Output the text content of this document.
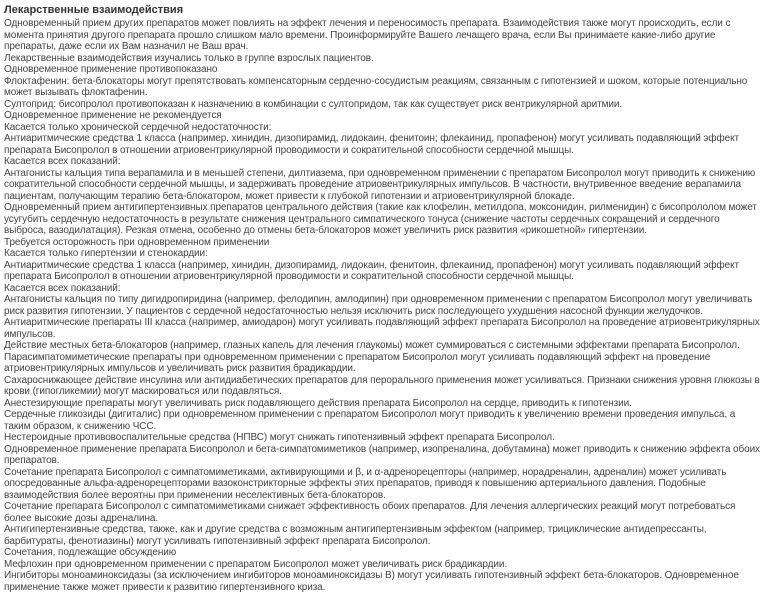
Лекарственные взаимодействия

Одновременный прием других препаратов может повлиять на эффект лечения и переносимость препарата. Взаимодействия также могут происходить, если с момента принятия другого препарата прошло слишком мало времени. Проинформируйте Вашего лечащего врача, если Вы принимаете какие-либо другие препараты, даже если их Вам назначил не Ваш врач.

Лекарственные взаимодействия изучались только в группе взрослых пациентов.

Одновременное применение противопоказано

Флоктафенин: бета-блокаторы могут препятствовать компенсаторным сердечно-сосудистым реакциям, связанным с гипотензией и шоком, которые потенциально может вызывать флоктафенин.

Султоприд: бисопролол противопоказан к назначению в комбинации с султопридом, так как существует риск вентрикулярной аритмии.

Одновременное применение не рекомендуется

Касается только хронической сердечной недостаточности:

Антиаритмические средства 1 класса (например, хинидин, дизопирамид, лидокаин, фенитоин; флекаинид, пропафенон) могут усиливать подавляющий эффект препарата Бисопролол в отношении атриовентрикулярной проводимости и сократительной способности сердечной мышцы.

Касается всех показаний:

Антагонисты кальция типа верапамила и в меньшей степени, дилтиазема, при одновременном применении с препаратом Бисопролол могут приводить к снижению сократительной способности сердечной мышцы, и задерживать проведение атриовентрикулярных импульсов. В частности, внутривенное введение верапамила пациентам, получающим терапию бета-блокатором, может привести к глубокой гипотензии и атриовентрикулярной блокаде.

Одновременный прием антигипертензивных препаратов центрального действия (такие как клофелин, метилдопа, моксонидин, рилменидин) с бисопрололом может усугубить сердечную недостаточность в результате снижения центрального симпатического тонуса (снижение частоты сердечных сокращений и сердечного выброса, вазодилатация). Резкая отмена, особенно до отмены бета-блокаторов может увеличить риск развития «рикошетной» гипертензии.

Требуется осторожность при одновременном применении

Касается только гипертензии и стенокардии:

Антиаритмические средства 1 класса (например, хинидин, дизопирамид, лидокаин, фенитоин, флекаинид, пропафенон) могут усиливать подавляющий эффект препарата Бисопролол в отношении атриовентрикулярной проводимости и сократительной способности сердечной мышцы.

Касается всех показаний:

Антагонисты кальция по типу дигидропиридина (например, фелодипин, амлодипин) при одновременном применении с препаратом Бисопролол могут увеличивать риск развития гипотензии. У пациентов с сердечной недостаточностью нельзя исключить риск последующего ухудшения насосной функции желудочков.

Антиаритмические препараты III класса (например, амиодарон) могут усиливать подавляющий эффект препарата Бисопролол на проведение атриовентрикулярных импульсов.

Действие местных бета-блокаторов (например, глазных капель для лечения глаукомы) может суммироваться с системными эффектами препарата Бисопролол.

Парасимпатомиметические препараты при одновременном применении с препаратом Бисопролол могут усиливать подавляющий эффект на проведение атриовентрикулярных импульсов и увеличивать риск развития брадикардии.

Сахароснижающее действие инсулина или антидиабетических препаратов для перорального применения может усиливаться. Признаки снижения уровня глюкозы в крови (гипогликемии) могут маскироваться или подавляться.

Анестезирующие препараты могут увеличивать риск подавляющего действия препарата Бисопролол на сердце, приводить к гипотензии.

Сердечные гликозиды (дигиталис) при одновременном применении с препаратом Бисопролол могут приводить к увеличению времени проведения импульса, а таким образом, к снижению ЧСС.

Нестероидные противовоспалительные средства (НПВС) могут снижать гипотензивный эффект препарата Бисопролол.

Одновременное применение препарата Бисопролол и бета-симпатомиметиков (например, изопреналина, добутамина) может приводить к снижению эффекта обоих препаратов.

Сочетание препарата Бисопролол с симпатомиметиками, активирующими и β, и α-адренорецепторы (например, норадреналин, адреналин) может усиливать опосредованные альфа-адренорецепторами вазоконстрикторные эффекты этих препаратов, приводя к повышению артериального давления. Подобные взаимодействия более вероятны при применении неселективных бета-блокаторов.

Сочетание препарата Бисопролол с симпатомиметиками снижает эффективность обоих препаратов. Для лечения аллергических реакций могут потребоваться более высокие дозы адреналина.

Антигипертензивные средства, также, как и другие средства с возможным антигипертензивным эффектом (например, трициклические антидепрессанты, барбитураты, фенотиазины) могут усиливать гипотензивный эффект препарата Бисопролол.

Сочетания, подлежащие обсуждению

Мефлохин при одновременном применении с препаратом Бисопролол может увеличивать риск брадикардии.

Ингибиторы моноаминоксидазы (за исключением ингибиторов моноаминоксидазы В) могут усиливать гипотензивный эффект бета-блокаторов. Одновременное применение также может привести к развитию гипертензивного криза.
